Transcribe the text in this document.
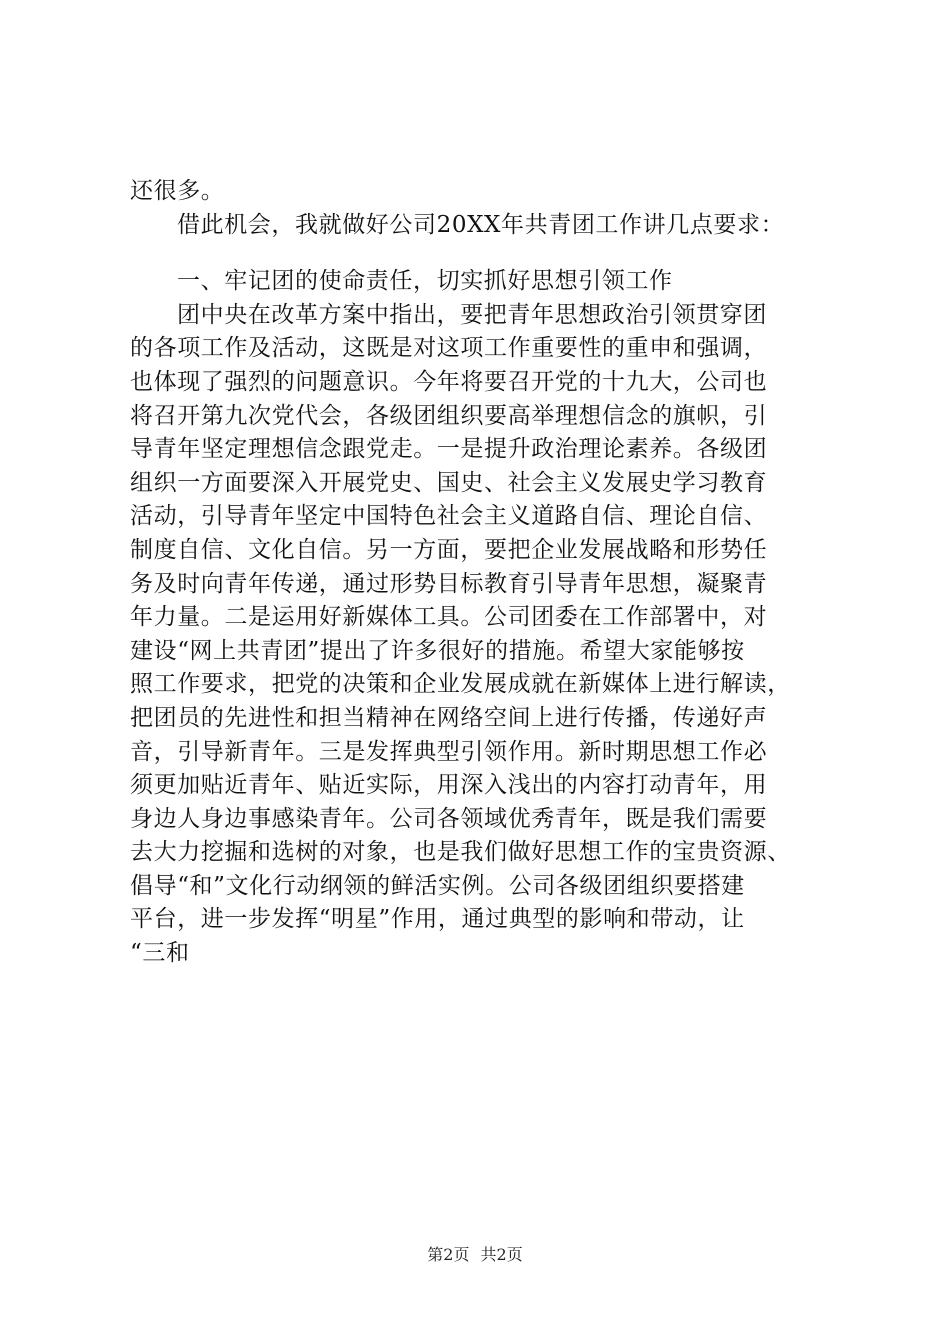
还很多。
借此机会，我就做好公司20XX年共青团工作讲几点要求：
一、牢记团的使命责任，切实抓好思想引领工作
团中央在改革方案中指出，要把青年思想政治引领贯穿团
的各项工作及活动，这既是对这项工作重要性的重申和强调，
也体现了强烈的问题意识。今年将要召开党的十九大，公司也
将召开第九次党代会，各级团组织要高举理想信念的旗帜，引
导青年坚定理想信念跟党走。一是提升政治理论素养。各级团
组织一方面要深入开展党史、国史、社会主义发展史学习教育
活动，引导青年坚定中国特色社会主义道路自信、理论自信、
制度自信、文化自信。另一方面，要把企业发展战略和形势任
务及时向青年传递，通过形势目标教育引导青年思想，凝聚青
年力量。二是运用好新媒体工具。公司团委在工作部署中，对
建设“网上共青团”提出了许多很好的措施。希望大家能够按
照工作要求，把党的决策和企业发展成就在新媒体上进行解读，
把团员的先进性和担当精神在网络空间上进行传播，传递好声
音，引导新青年。三是发挥典型引领作用。新时期思想工作必
须更加贴近青年、贴近实际，用深入浅出的内容打动青年，用
身边人身边事感染青年。公司各领域优秀青年，既是我们需要
去大力挖掘和选树的对象，也是我们做好思想工作的宝贵资源、
倡导“和”文化行动纲领的鲜活实例。公司各级团组织要搭建
平台，进一步发挥“明星”作用，通过典型的影响和带动，让
“三和
第2页 共2页
